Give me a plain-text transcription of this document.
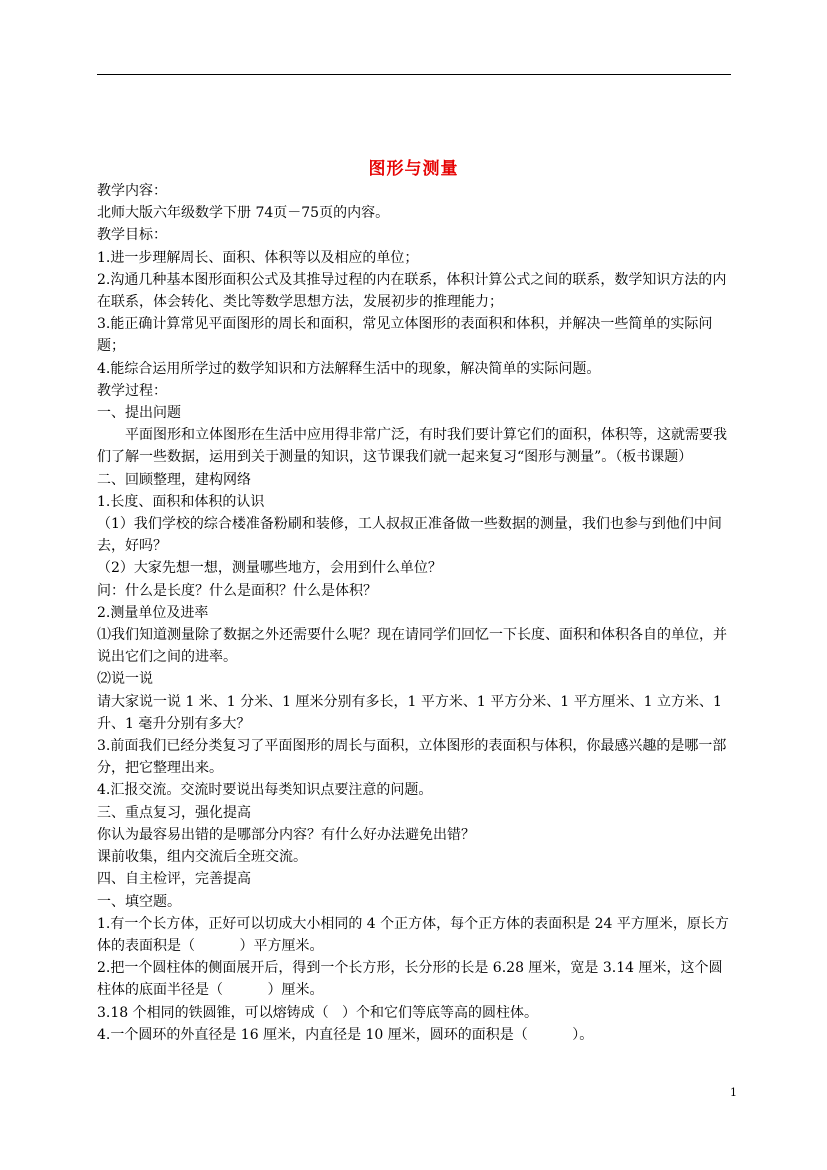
图形与测量

教学内容：

北师大版六年级数学下册 74页－75页的内容。

教学目标：

1.进一步理解周长、面积、体积等以及相应的单位；

2.沟通几种基本图形面积公式及其推导过程的内在联系，体积计算公式之间的联系，数学知识方法的内在联系，体会转化、类比等数学思想方法，发展初步的推理能力；

3.能正确计算常见平面图形的周长和面积，常见立体图形的表面积和体积，并解决一些简单的实际问题；

4.能综合运用所学过的数学知识和方法解释生活中的现象，解决简单的实际问题。

教学过程：

一、提出问题

平面图形和立体图形在生活中应用得非常广泛，有时我们要计算它们的面积，体积等，这就需要我们了解一些数据，运用到关于测量的知识，这节课我们就一起来复习“图形与测量”。（板书课题）

二、回顾整理，建构网络

1.长度、面积和体积的认识

（1）我们学校的综合楼准备粉刷和装修，工人叔叔正准备做一些数据的测量，我们也参与到他们中间去，好吗？

（2）大家先想一想，测量哪些地方，会用到什么单位？

问：什么是长度？什么是面积？什么是体积？

2.测量单位及进率

⑴我们知道测量除了数据之外还需要什么呢？现在请同学们回忆一下长度、面积和体积各自的单位，并说出它们之间的进率。

⑵说一说

请大家说一说 1 米、1 分米、1 厘米分别有多长，1 平方米、1 平方分米、1 平方厘米、1 立方米、1 升、1 毫升分别有多大？

3.前面我们已经分类复习了平面图形的周长与面积，立体图形的表面积与体积，你最感兴趣的是哪一部分，把它整理出来。

4.汇报交流。交流时要说出每类知识点要注意的问题。

三、重点复习，强化提高

你认为最容易出错的是哪部分内容？有什么好办法避免出错？

课前收集，组内交流后全班交流。

四、自主检评，完善提高

一、填空题。

1.有一个长方体，正好可以切成大小相同的 4 个正方体，每个正方体的表面积是 24 平方厘米，原长方体的表面积是（          ）平方厘米。

2.把一个圆柱体的侧面展开后，得到一个长方形，长分形的长是 6.28 厘米，宽是 3.14 厘米，这个圆柱体的底面半径是（          ）厘米。

3.18 个相同的铁圆锥，可以熔铸成（   ）个和它们等底等高的圆柱体。

4.一个圆环的外直径是 16 厘米，内直径是 10 厘米，圆环的面积是（          ）。

1
